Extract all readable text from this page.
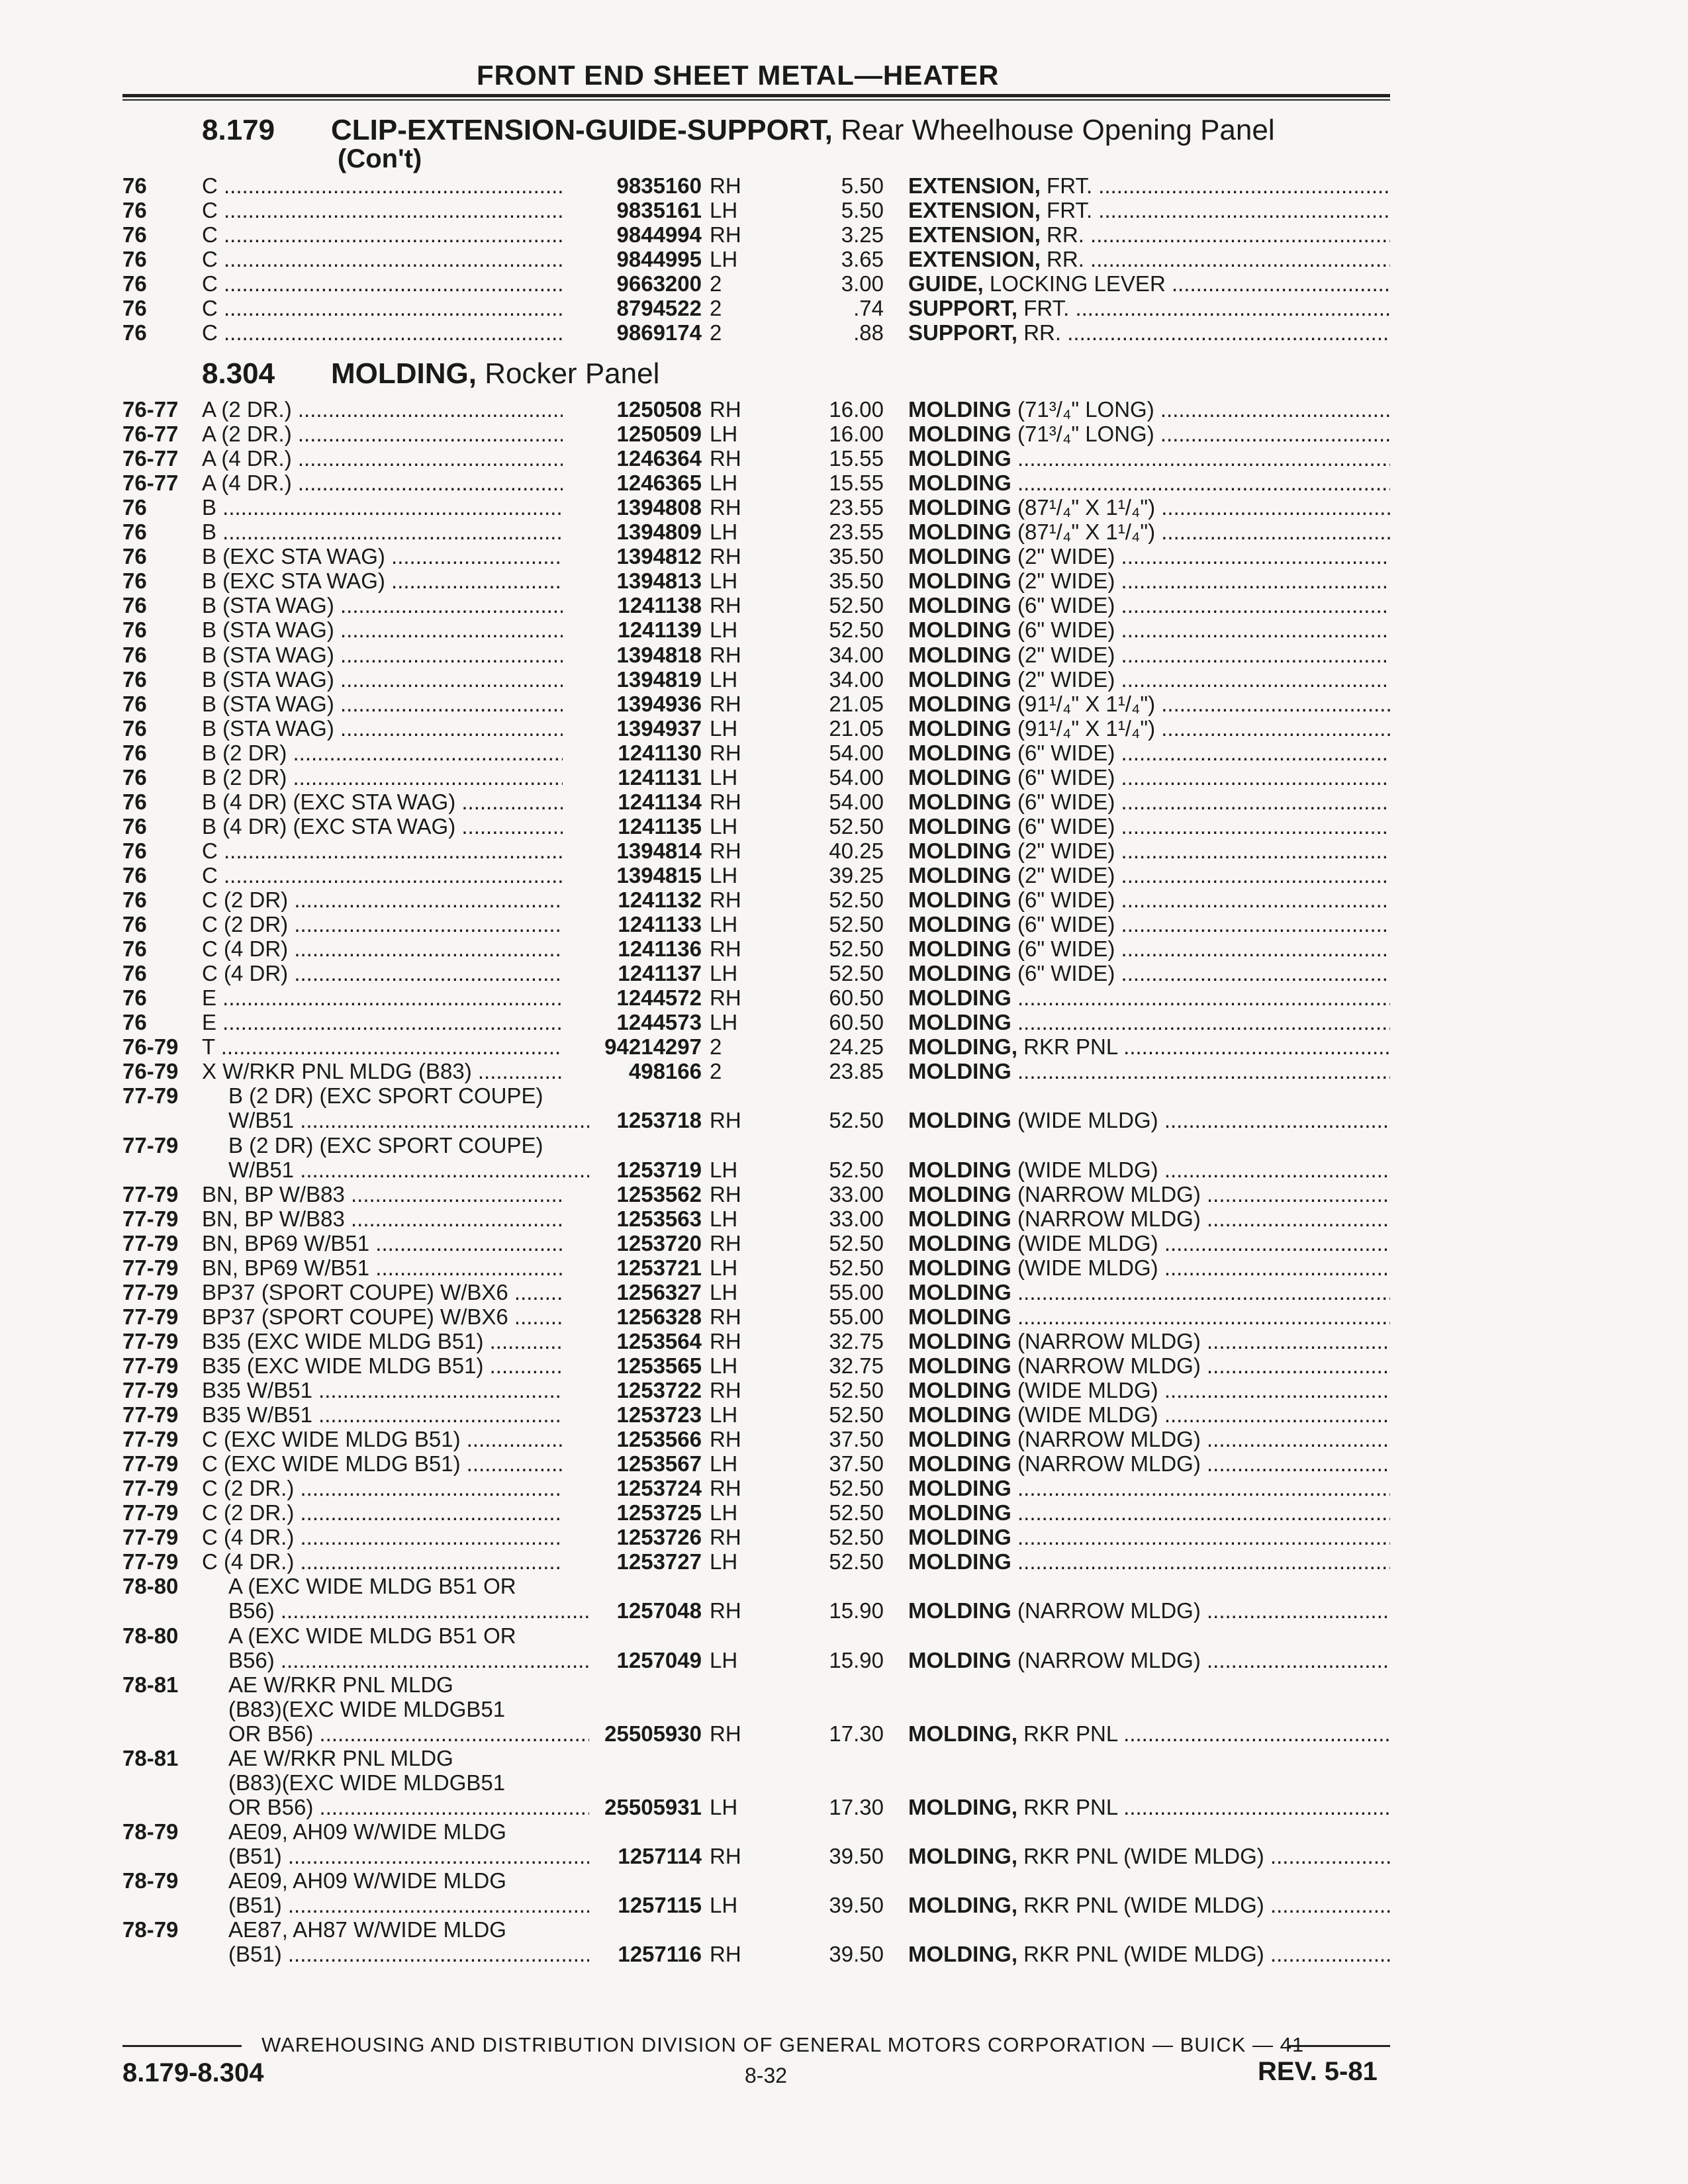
FRONT END SHEET METAL—HEATER
8.179 CLIP-EXTENSION-GUIDE-SUPPORT, Rear Wheelhouse Opening Panel
(Con't)
76	C .....	9835160 RH	5.50 EXTENSION, FRT. .....
76	C .....	9835161 LH	5.50 EXTENSION, FRT. .....
76	C .....	9844994 RH	3.25 EXTENSION, RR. .....
76	C .....	9844995 LH	3.65 EXTENSION, RR. .....
76	C .....	9663200 2	3.00 GUIDE, LOCKING LEVER .....
76	C .....	8794522 2	.74 SUPPORT, FRT. .....
76	C .....	9869174 2	.88 SUPPORT, RR. .....
8.304 MOLDING, Rocker Panel
76-77 A (2 DR.) .....	1250508 RH	16.00 MOLDING (71³/₄" LONG) .....
76-77 A (2 DR.) .....	1250509 LH	16.00 MOLDING (71³/₄" LONG) .....
76-77 A (4 DR.) .....	1246364 RH	15.55 MOLDING .....
76-77 A (4 DR.) .....	1246365 LH	15.55 MOLDING .....
76	B .....	1394808 RH	23.55 MOLDING (87¹/₄" X 1¹/₄") .....
76	B .....	1394809 LH	23.55 MOLDING (87¹/₄" X 1¹/₄") .....
76	B (EXC STA WAG) .....	1394812 RH	35.50 MOLDING (2" WIDE) .....
76	B (EXC STA WAG) .....	1394813 LH	35.50 MOLDING (2" WIDE) .....
76	B (STA WAG) .....	1241138 RH	52.50 MOLDING (6" WIDE) .....
76	B (STA WAG) .....	1241139 LH	52.50 MOLDING (6" WIDE) .....
76	B (STA WAG) .....	1394818 RH	34.00 MOLDING (2" WIDE) .....
76	B (STA WAG) .....	1394819 LH	34.00 MOLDING (2" WIDE) .....
76	B (STA WAG) .....	1394936 RH	21.05 MOLDING (91¹/₄" X 1¹/₄") .....
76	B (STA WAG) .....	1394937 LH	21.05 MOLDING (91¹/₄" X 1¹/₄") .....
76	B (2 DR) .....	1241130 RH	54.00 MOLDING (6" WIDE) .....
76	B (2 DR) .....	1241131 LH	54.00 MOLDING (6" WIDE) .....
76	B (4 DR) (EXC STA WAG) .....	1241134 RH	54.00 MOLDING (6" WIDE) .....
76	B (4 DR) (EXC STA WAG) .....	1241135 LH	52.50 MOLDING (6" WIDE) .....
76	C .....	1394814 RH	40.25 MOLDING (2" WIDE) .....
76	C .....	1394815 LH	39.25 MOLDING (2" WIDE) .....
76	C (2 DR) .....	1241132 RH	52.50 MOLDING (6" WIDE) .....
76	C (2 DR) .....	1241133 LH	52.50 MOLDING (6" WIDE) .....
76	C (4 DR) .....	1241136 RH	52.50 MOLDING (6" WIDE) .....
76	C (4 DR) .....	1241137 LH	52.50 MOLDING (6" WIDE) .....
76	E .....	1244572 RH	60.50 MOLDING .....
76	E .....	1244573 LH	60.50 MOLDING .....
76-79 T .....	94214297 2	24.25 MOLDING, RKR PNL .....
76-79 X W/RKR PNL MLDG (B83) .....	498166 2	23.85 MOLDING .....
77-79	B (2 DR) (EXC SPORT COUPE)
W/B51 .....	1253718 RH	52.50 MOLDING (WIDE MLDG) .....
77-79	B (2 DR) (EXC SPORT COUPE)
W/B51 .....	1253719 LH	52.50 MOLDING (WIDE MLDG) .....
77-79 BN, BP W/B83 .....	1253562 RH	33.00 MOLDING (NARROW MLDG) .....
77-79 BN, BP W/B83 .....	1253563 LH	33.00 MOLDING (NARROW MLDG) .....
77-79 BN, BP69 W/B51 .....	1253720 RH	52.50 MOLDING (WIDE MLDG) .....
77-79 BN, BP69 W/B51 .....	1253721 LH	52.50 MOLDING (WIDE MLDG) .....
77-79 BP37 (SPORT COUPE) W/BX6 .....	1256327 LH	55.00 MOLDING .....
77-79 BP37 (SPORT COUPE) W/BX6 .....	1256328 RH	55.00 MOLDING .....
77-79 B35 (EXC WIDE MLDG B51) .....	1253564 RH	32.75 MOLDING (NARROW MLDG) .....
77-79 B35 (EXC WIDE MLDG B51) .....	1253565 LH	32.75 MOLDING (NARROW MLDG) .....
77-79 B35 W/B51 .....	1253722 RH	52.50 MOLDING (WIDE MLDG) .....
77-79 B35 W/B51 .....	1253723 LH	52.50 MOLDING (WIDE MLDG) .....
77-79 C (EXC WIDE MLDG B51) .....	1253566 RH	37.50 MOLDING (NARROW MLDG) .....
77-79 C (EXC WIDE MLDG B51) .....	1253567 LH	37.50 MOLDING (NARROW MLDG) .....
77-79 C (2 DR.) .....	1253724 RH	52.50 MOLDING .....
77-79 C (2 DR.) .....	1253725 LH	52.50 MOLDING .....
77-79 C (4 DR.) .....	1253726 RH	52.50 MOLDING .....
77-79 C (4 DR.) .....	1253727 LH	52.50 MOLDING .....
78-80	A (EXC WIDE MLDG B51 OR
B56) .....	1257048 RH	15.90 MOLDING (NARROW MLDG) .....
78-80	A (EXC WIDE MLDG B51 OR
B56) .....	1257049 LH	15.90 MOLDING (NARROW MLDG) .....
78-81	AE W/RKR PNL MLDG
(B83)(EXC WIDE MLDGB51
OR B56) .....	25505930 RH	17.30 MOLDING, RKR PNL .....
78-81	AE W/RKR PNL MLDG
(B83)(EXC WIDE MLDGB51
OR B56) .....	25505931 LH	17.30 MOLDING, RKR PNL .....
78-79	AE09, AH09 W/WIDE MLDG
(B51) .....	1257114 RH	39.50 MOLDING, RKR PNL (WIDE MLDG) .....
78-79	AE09, AH09 W/WIDE MLDG
(B51) .....	1257115 LH	39.50 MOLDING, RKR PNL (WIDE MLDG) .....
78-79	AE87, AH87 W/WIDE MLDG
(B51) .....	1257116 RH	39.50 MOLDING, RKR PNL (WIDE MLDG) .....
WAREHOUSING AND DISTRIBUTION DIVISION OF GENERAL MOTORS CORPORATION — BUICK — 41
8.179-8.304	8-32	REV. 5-81
